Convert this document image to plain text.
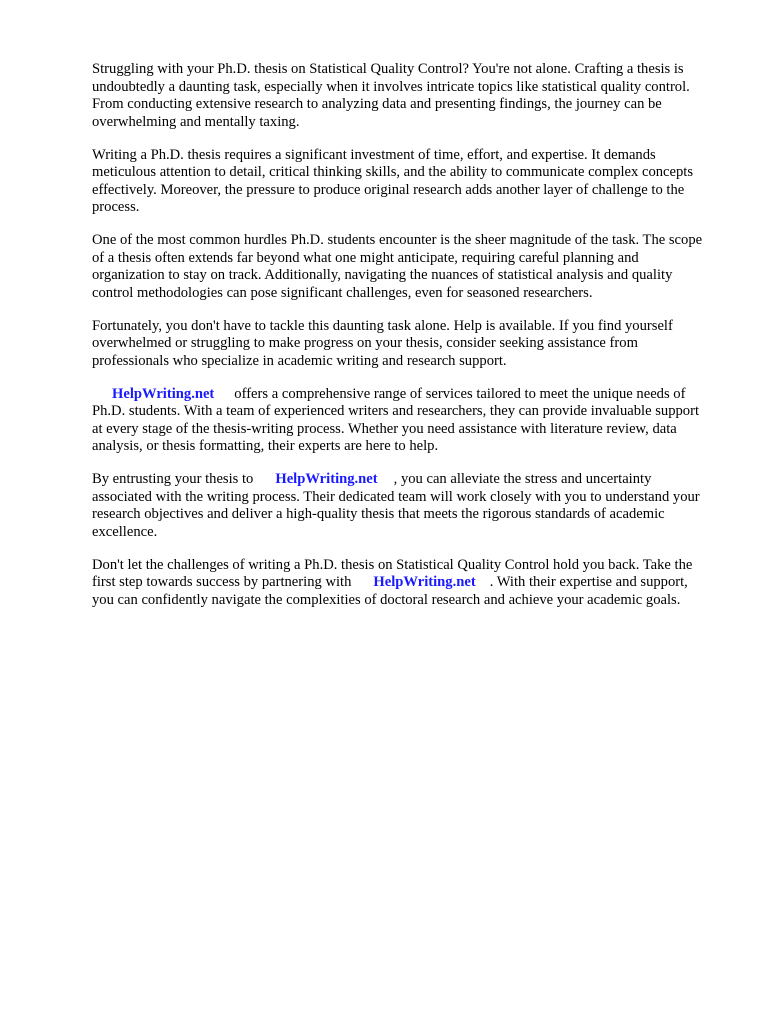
Struggling with your Ph.D. thesis on Statistical Quality Control? You're not alone. Crafting a thesis is undoubtedly a daunting task, especially when it involves intricate topics like statistical quality control. From conducting extensive research to analyzing data and presenting findings, the journey can be overwhelming and mentally taxing.

Writing a Ph.D. thesis requires a significant investment of time, effort, and expertise. It demands meticulous attention to detail, critical thinking skills, and the ability to communicate complex concepts effectively. Moreover, the pressure to produce original research adds another layer of challenge to the process.

One of the most common hurdles Ph.D. students encounter is the sheer magnitude of the task. The scope of a thesis often extends far beyond what one might anticipate, requiring careful planning and organization to stay on track. Additionally, navigating the nuances of statistical analysis and quality control methodologies can pose significant challenges, even for seasoned researchers.

Fortunately, you don't have to tackle this daunting task alone. Help is available. If you find yourself overwhelmed or struggling to make progress on your thesis, consider seeking assistance from professionals who specialize in academic writing and research support.

HelpWriting.net offers a comprehensive range of services tailored to meet the unique needs of Ph.D. students. With a team of experienced writers and researchers, they can provide invaluable support at every stage of the thesis-writing process. Whether you need assistance with literature review, data analysis, or thesis formatting, their experts are here to help.

By entrusting your thesis to HelpWriting.net , you can alleviate the stress and uncertainty associated with the writing process. Their dedicated team will work closely with you to understand your research objectives and deliver a high-quality thesis that meets the rigorous standards of academic excellence.

Don't let the challenges of writing a Ph.D. thesis on Statistical Quality Control hold you back. Take the first step towards success by partnering with HelpWriting.net . With their expertise and support, you can confidently navigate the complexities of doctoral research and achieve your academic goals.
